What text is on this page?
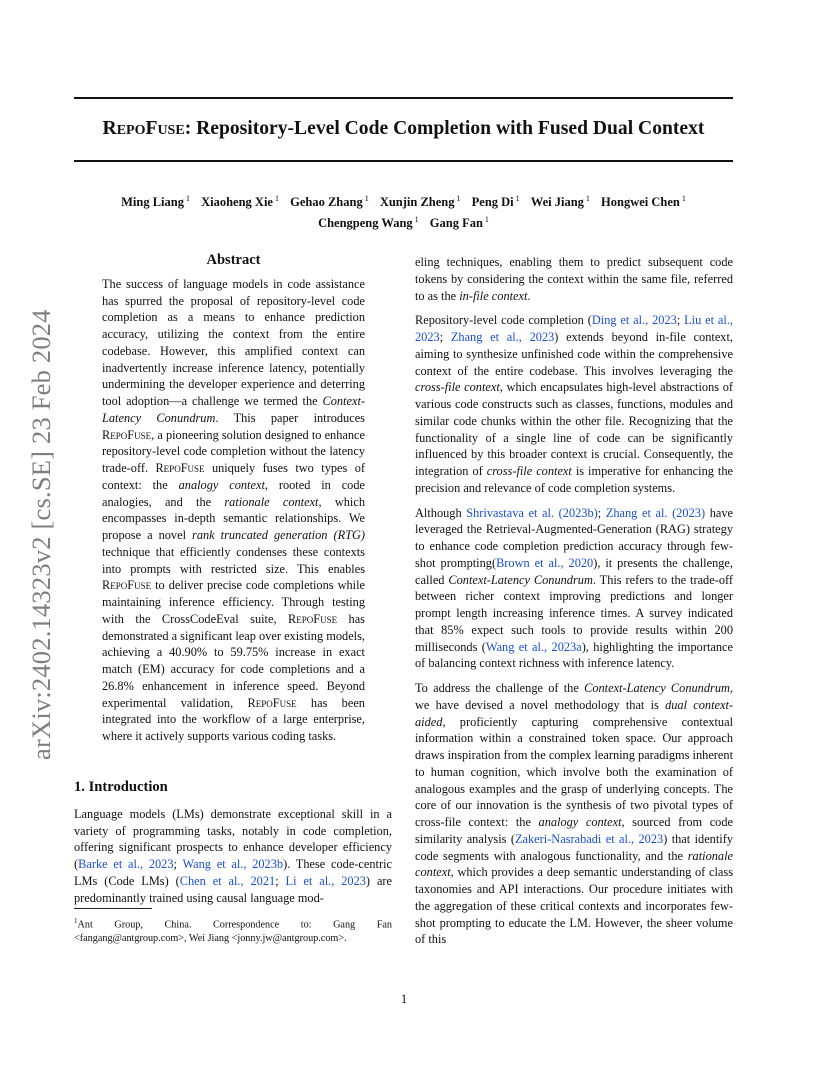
arXiv:2402.14323v2 [cs.SE] 23 Feb 2024
RepoFuse: Repository-Level Code Completion with Fused Dual Context
Ming Liang $^1$ Xiaoheng Xie $^1$ Gehao Zhang $^1$ Xunjin Zheng $^1$ Peng Di $^1$ Wei Jiang $^1$ Hongwei Chen $^1$
Chengpeng Wang $^1$ Gang Fan $^1$

Abstract

The success of language models in code assistance has spurred the proposal of repository-level code completion as a means to enhance prediction accuracy, utilizing the context from the entire codebase. However, this amplified context can inadvertently increase inference latency, potentially undermining the developer experience and deterring tool adoption—a challenge we termed the Context-Latency Conundrum. This paper introduces RepoFuse, a pioneering solution designed to enhance repository-level code completion without the latency trade-off. RepoFuse uniquely fuses two types of context: the analogy context, rooted in code analogies, and the rationale context, which encompasses in-depth semantic relationships. We propose a novel rank truncated generation (RTG) technique that efficiently condenses these contexts into prompts with restricted size. This enables RepoFuse to deliver precise code completions while maintaining inference efficiency. Through testing with the CrossCodeEval suite, RepoFuse has demonstrated a significant leap over existing models, achieving a 40.90% to 59.75% increase in exact match (EM) accuracy for code completions and a 26.8% enhancement in inference speed. Beyond experimental validation, RepoFuse has been integrated into the workflow of a large enterprise, where it actively supports various coding tasks.

1. Introduction

Language models (LMs) demonstrate exceptional skill in a variety of programming tasks, notably in code completion, offering significant prospects to enhance developer efficiency (Barke et al., 2023; Wang et al., 2023b). These code-centric LMs (Code LMs) (Chen et al., 2021; Li et al., 2023) are predominantly trained using causal language mod-

$^1$Ant Group, China. Correspondence to: Gang Fan <fangang@antgroup.com>, Wei Jiang <jonny.jw@antgroup.com>.

eling techniques, enabling them to predict subsequent code tokens by considering the context within the same file, referred to as the in-file context.

Repository-level code completion (Ding et al., 2023; Liu et al., 2023; Zhang et al., 2023) extends beyond in-file context, aiming to synthesize unfinished code within the comprehensive context of the entire codebase. This involves leveraging the cross-file context, which encapsulates high-level abstractions of various code constructs such as classes, functions, modules and similar code chunks within the other file. Recognizing that the functionality of a single line of code can be significantly influenced by this broader context is crucial. Consequently, the integration of cross-file context is imperative for enhancing the precision and relevance of code completion systems.

Although Shrivastava et al. (2023b); Zhang et al. (2023) have leveraged the Retrieval-Augmented-Generation (RAG) strategy to enhance code completion prediction accuracy through few-shot prompting(Brown et al., 2020), it presents the challenge, called Context-Latency Conundrum. This refers to the trade-off between richer context improving predictions and longer prompt length increasing inference times. A survey indicated that 85% expect such tools to provide results within 200 milliseconds (Wang et al., 2023a), highlighting the importance of balancing context richness with inference latency.

To address the challenge of the Context-Latency Conundrum, we have devised a novel methodology that is dual context-aided, proficiently capturing comprehensive contextual information within a constrained token space. Our approach draws inspiration from the complex learning paradigms inherent to human cognition, which involve both the examination of analogous examples and the grasp of underlying concepts. The core of our innovation is the synthesis of two pivotal types of cross-file context: the analogy context, sourced from code similarity analysis (Zakeri-Nasrabadi et al., 2023) that identify code segments with analogous functionality, and the rationale context, which provides a deep semantic understanding of class taxonomies and API interactions. Our procedure initiates with the aggregation of these critical contexts and incorporates few-shot prompting to educate the LM. However, the sheer volume of this

1
